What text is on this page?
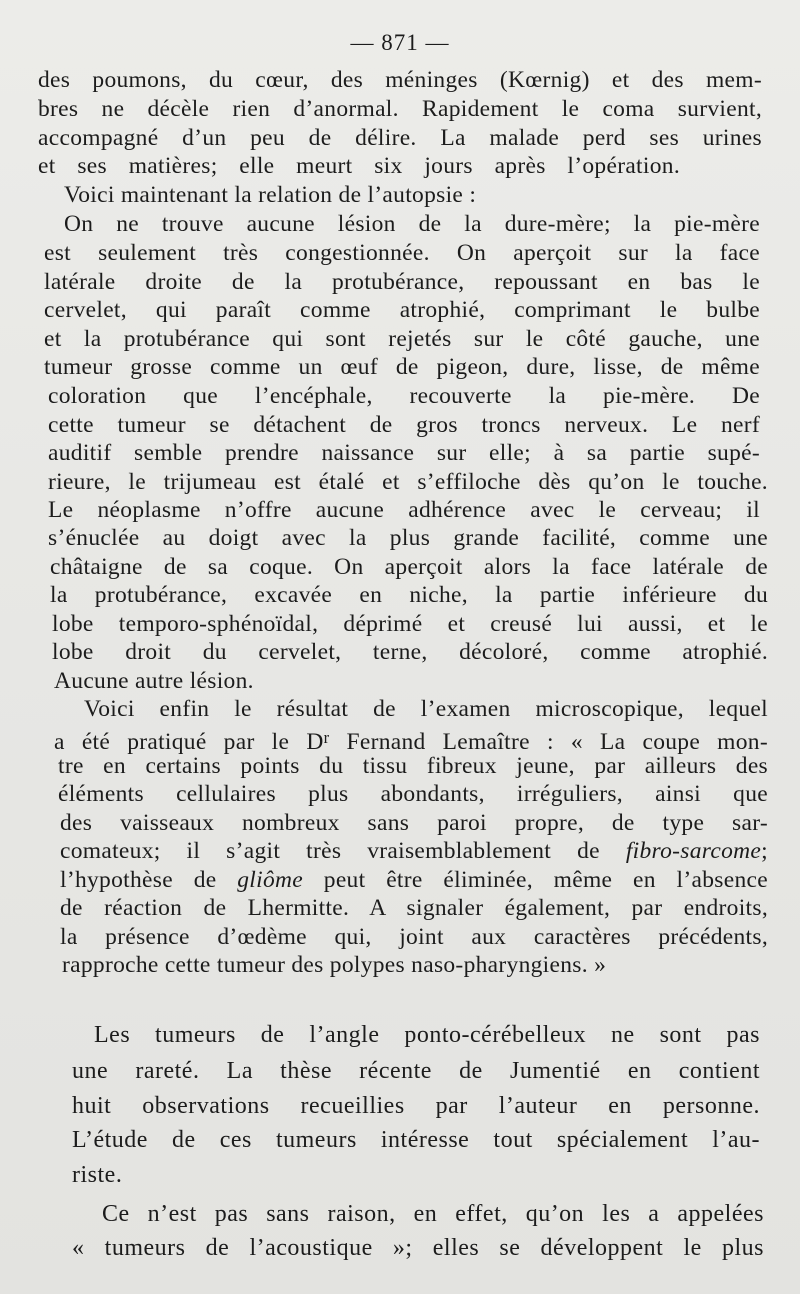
— 871 —
des poumons, du cœur, des méninges (Kœrnig) et des mem-
bres ne décèle rien d’anormal. Rapidement le coma survient,
accompagné d’un peu de délire. La malade perd ses urines
et ses matières; elle meurt six jours après l’opération.
Voici maintenant la relation de l’autopsie :
On ne trouve aucune lésion de la dure-mère; la pie-mère
est seulement très congestionnée. On aperçoit sur la face
latérale droite de la protubérance, repoussant en bas le
cervelet, qui paraît comme atrophié, comprimant le bulbe
et la protubérance qui sont rejetés sur le côté gauche, une
tumeur grosse comme un œuf de pigeon, dure, lisse, de même
coloration que l’encéphale, recouverte la pie-mère. De
cette tumeur se détachent de gros troncs nerveux. Le nerf
auditif semble prendre naissance sur elle; à sa partie supé-
rieure, le trijumeau est étalé et s’effiloche dès qu’on le touche.
Le néoplasme n’offre aucune adhérence avec le cerveau; il
s’énuclée au doigt avec la plus grande facilité, comme une
châtaigne de sa coque. On aperçoit alors la face latérale de
la protubérance, excavée en niche, la partie inférieure du
lobe temporo-sphénoïdal, déprimé et creusé lui aussi, et le
lobe droit du cervelet, terne, décoloré, comme atrophié.
Aucune autre lésion.
Voici enfin le résultat de l’examen microscopique, lequel
a été pratiqué par le $D^r$ Fernand Lemaître : « La coupe mon-
tre en certains points du tissu fibreux jeune, par ailleurs des
éléments cellulaires plus abondants, irréguliers, ainsi que
des vaisseaux nombreux sans paroi propre, de type sar-
comateux; il s’agit très vraisemblablement de fibro-sarcome;
l’hypothèse de gliôme peut être éliminée, même en l’absence
de réaction de Lhermitte. A signaler également, par endroits,
la présence d’œdème qui, joint aux caractères précédents,
rapproche cette tumeur des polypes naso-pharyngiens. »
Les tumeurs de l’angle ponto-cérébelleux ne sont pas
une rareté. La thèse récente de Jumentié en contient
huit observations recueillies par l’auteur en personne.
L’étude de ces tumeurs intéresse tout spécialement l’au-
riste.
Ce n’est pas sans raison, en effet, qu’on les a appelées
« tumeurs de l’acoustique »; elles se développent le plus
